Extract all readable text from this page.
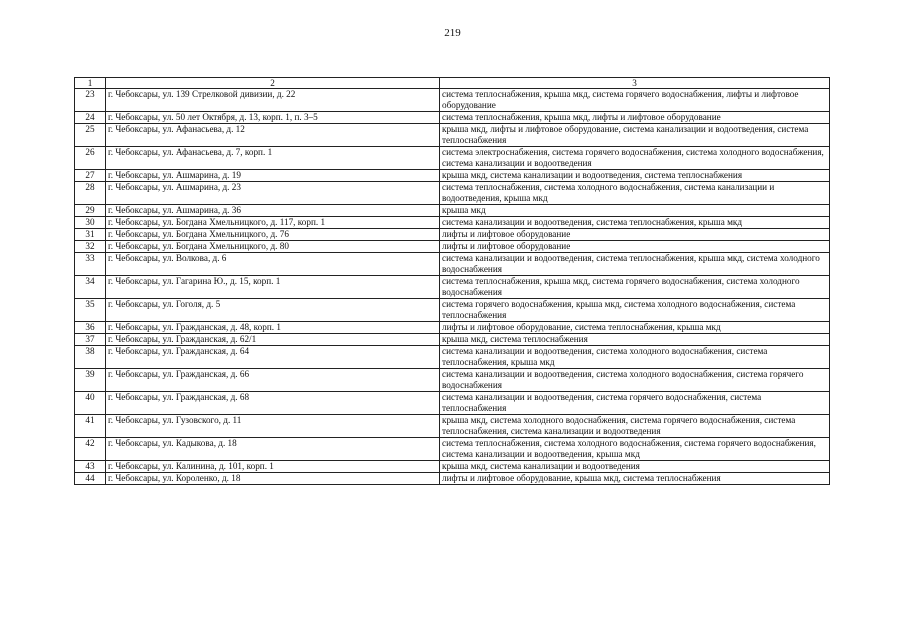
219
1	2	3
23	г. Чебоксары, ул. 139 Стрелковой дивизии, д. 22	система теплоснабжения, крыша мкд, система горячего водоснабжения, лифты и лифтовое оборудование
24	г. Чебоксары, ул. 50 лет Октября, д. 13, корп. 1, п. 3–5	система теплоснабжения, крыша мкд, лифты и лифтовое оборудование
25	г. Чебоксары, ул. Афанасьева, д. 12	крыша мкд, лифты и лифтовое оборудование, система канализации и водоотведения, система теплоснабжения
26	г. Чебоксары, ул. Афанасьева, д. 7, корп. 1	система электроснабжения, система горячего водоснабжения, система холодного водоснабжения, система канализации и водоотведения
27	г. Чебоксары, ул. Ашмарина, д. 19	крыша мкд, система канализации и водоотведения, система теплоснабжения
28	г. Чебоксары, ул. Ашмарина, д. 23	система теплоснабжения, система холодного водоснабжения, система канализации и водоотведения, крыша мкд
29	г. Чебоксары, ул. Ашмарина, д. 36	крыша мкд
30	г. Чебоксары, ул. Богдана Хмельницкого, д. 117, корп. 1	система канализации и водоотведения, система теплоснабжения, крыша мкд
31	г. Чебоксары, ул. Богдана Хмельницкого, д. 76	лифты и лифтовое оборудование
32	г. Чебоксары, ул. Богдана Хмельницкого, д. 80	лифты и лифтовое оборудование
33	г. Чебоксары, ул. Волкова, д. 6	система канализации и водоотведения, система теплоснабжения, крыша мкд, система холодного водоснабжения
34	г. Чебоксары, ул. Гагарина Ю., д. 15, корп. 1	система теплоснабжения, крыша мкд, система горячего водоснабжения, система холодного водоснабжения
35	г. Чебоксары, ул. Гоголя, д. 5	система горячего водоснабжения, крыша мкд, система холодного водоснабжения, система теплоснабжения
36	г. Чебоксары, ул. Гражданская, д. 48, корп. 1	лифты и лифтовое оборудование, система теплоснабжения, крыша мкд
37	г. Чебоксары, ул. Гражданская, д. 62/1	крыша мкд, система теплоснабжения
38	г. Чебоксары, ул. Гражданская, д. 64	система канализации и водоотведения, система холодного водоснабжения, система теплоснабжения, крыша мкд
39	г. Чебоксары, ул. Гражданская, д. 66	система канализации и водоотведения, система холодного водоснабжения, система горячего водоснабжения
40	г. Чебоксары, ул. Гражданская, д. 68	система канализации и водоотведения, система горячего водоснабжения, система теплоснабжения
41	г. Чебоксары, ул. Гузовского, д. 11	крыша мкд, система холодного водоснабжения, система горячего водоснабжения, система теплоснабжения, система канализации и водоотведения
42	г. Чебоксары, ул. Кадыкова, д. 18	система теплоснабжения, система холодного водоснабжения, система горячего водоснабжения, система канализации и водоотведения, крыша мкд
43	г. Чебоксары, ул. Калинина, д. 101, корп. 1	крыша мкд, система канализации и водоотведения
44	г. Чебоксары, ул. Короленко, д. 18	лифты и лифтовое оборудование, крыша мкд, система теплоснабжения
